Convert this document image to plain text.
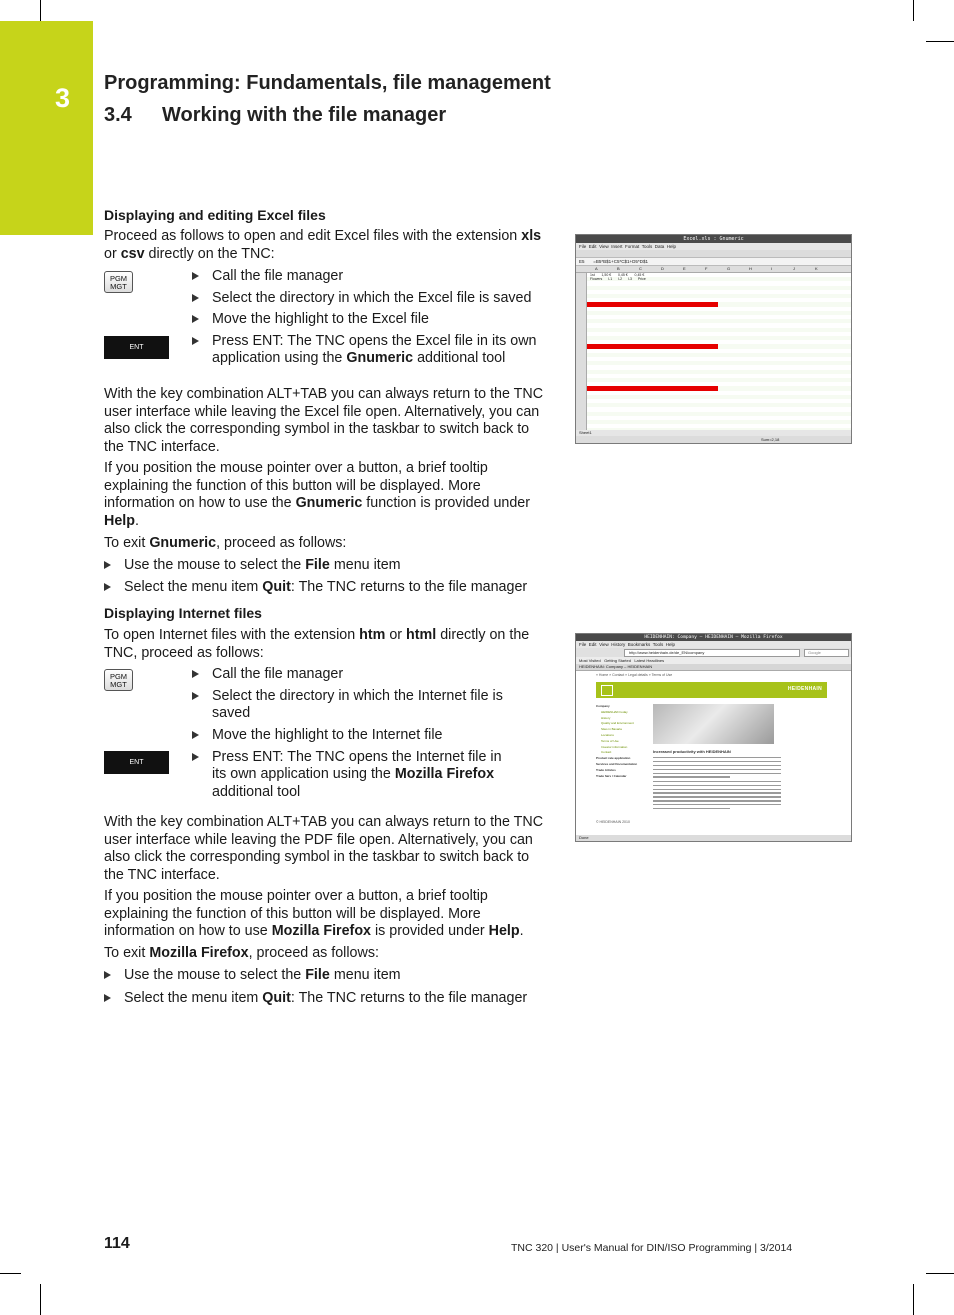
3 Programming: Fundamentals, file management
3.4 Working with the file manager
Displaying and editing Excel files
Proceed as follows to open and edit Excel files with the extension xls or csv directly on the TNC:
PGM
MGT
ENT
Call the file manager
Select the directory in which the Excel file is saved
Move the highlight to the Excel file
Press ENT: The TNC opens the Excel file in its own application using the Gnumeric additional tool
With the key combination ALT+TAB you can always return to the TNC user interface while leaving the Excel file open. Alternatively, you can also click the corresponding symbol in the taskbar to switch back to the TNC interface.
If you position the mouse pointer over a button, a brief tooltip explaining the function of this button will be displayed. More information on how to use the Gnumeric function is provided under Help.
To exit Gnumeric, proceed as follows:
Use the mouse to select the File menu item
Select the menu item Quit: The TNC returns to the file manager
Excel.xls : Gnumeric
File Edit View Insert Format Tools Data Help
E5 =B5*B$1+C5*C$1+D5*D$1
A	B	C	D	E	F	G	H	I	J	K
1st       1,50 €       0,45 €       0,45 €
Flowers      I-1      I-2      I-3      Price
Sheet1
Sum=2,18
Displaying Internet files
To open Internet files with the extension htm or html directly on the TNC, proceed as follows:
PGM
MGT
ENT
Call the file manager
Select the directory in which the Internet file is saved
Move the highlight to the Internet file
Press ENT: The TNC opens the Internet file in its own application using the Mozilla Firefox additional tool
With the key combination ALT+TAB you can always return to the TNC user interface while leaving the PDF file open. Alternatively, you can also click the corresponding symbol in the taskbar to switch back to the TNC interface.
If you position the mouse pointer over a button, a brief tooltip explaining the function of this button will be displayed. More information on how to use Mozilla Firefox is provided under Help.
To exit Mozilla Firefox, proceed as follows:
Use the mouse to select the File menu item
Select the menu item Quit: The TNC returns to the file manager
HEIDENHAIN: Company – HEIDENHAIN – Mozilla Firefox
File Edit View History Bookmarks Tools Help
http://www.heidenhain.de/de_EN/company	Google
Most Visited Getting Started Latest Headlines
HEIDENHAIN: Company – HEIDENHAIN
» Home » Contact » Legal details » Terms of Use
HEIDENHAIN
Company
HEIDENHAIN today
History
Quality and Environment
Sites in Bavaria
Locations
Terms of Use
Investor information
Contact
Product rate application
Services and Documentation
Trade Articles
Trade fairs / Calendar
Increased productivity with HEIDENHAIN
© HEIDENHAIN 2010
Done
114	TNC 320 | User's Manual for DIN/ISO Programming | 3/2014
